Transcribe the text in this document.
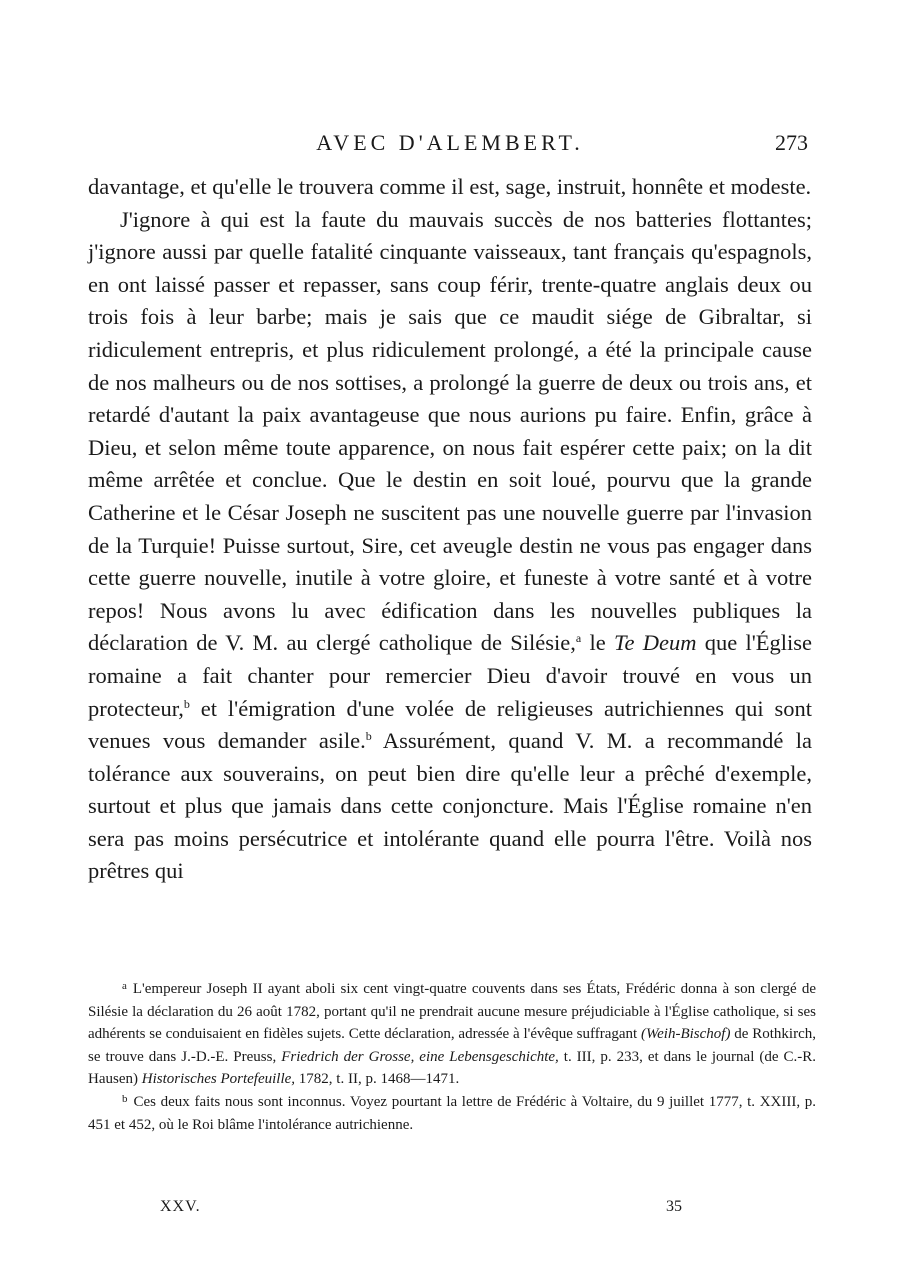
AVEC D'ALEMBERT.	273

davantage, et qu'elle le trouvera comme il est, sage, instruit, honnête et modeste.

J'ignore à qui est la faute du mauvais succès de nos batteries flottantes; j'ignore aussi par quelle fatalité cinquante vaisseaux, tant français qu'espagnols, en ont laissé passer et repasser, sans coup férir, trente-quatre anglais deux ou trois fois à leur barbe; mais je sais que ce maudit siége de Gibraltar, si ridiculement entrepris, et plus ridiculement prolongé, a été la principale cause de nos malheurs ou de nos sottises, a prolongé la guerre de deux ou trois ans, et retardé d'autant la paix avantageuse que nous aurions pu faire. Enfin, grâce à Dieu, et selon même toute apparence, on nous fait espérer cette paix; on la dit même arrêtée et conclue. Que le destin en soit loué, pourvu que la grande Catherine et le César Joseph ne suscitent pas une nouvelle guerre par l'invasion de la Turquie! Puisse surtout, Sire, cet aveugle destin ne vous pas engager dans cette guerre nouvelle, inutile à votre gloire, et funeste à votre santé et à votre repos! Nous avons lu avec édification dans les nouvelles publiques la déclaration de V. M. au clergé catholique de Silésie,$^a$ le Te Deum que l'Église romaine a fait chanter pour remercier Dieu d'avoir trouvé en vous un protecteur,$^b$ et l'émigration d'une volée de religieuses autrichiennes qui sont venues vous demander asile.$^b$ Assurément, quand V. M. a recommandé la tolérance aux souverains, on peut bien dire qu'elle leur a prêché d'exemple, surtout et plus que jamais dans cette conjoncture. Mais l'Église romaine n'en sera pas moins persécutrice et intolérante quand elle pourra l'être. Voilà nos prêtres qui

$^a$ L'empereur Joseph II ayant aboli six cent vingt-quatre couvents dans ses États, Frédéric donna à son clergé de Silésie la déclaration du 26 août 1782, portant qu'il ne prendrait aucune mesure préjudiciable à l'Église catholique, si ses adhérents se conduisaient en fidèles sujets. Cette déclaration, adressée à l'évêque suffragant (Weih-Bischof) de Rothkirch, se trouve dans J.-D.-E. Preuss, Friedrich der Grosse, eine Lebensgeschichte, t. III, p. 233, et dans le journal (de C.-R. Hausen) Historisches Portefeuille, 1782, t. II, p. 1468—1471.

$^b$ Ces deux faits nous sont inconnus. Voyez pourtant la lettre de Frédéric à Voltaire, du 9 juillet 1777, t. XXIII, p. 451 et 452, où le Roi blâme l'intolérance autrichienne.

XXV.	35
